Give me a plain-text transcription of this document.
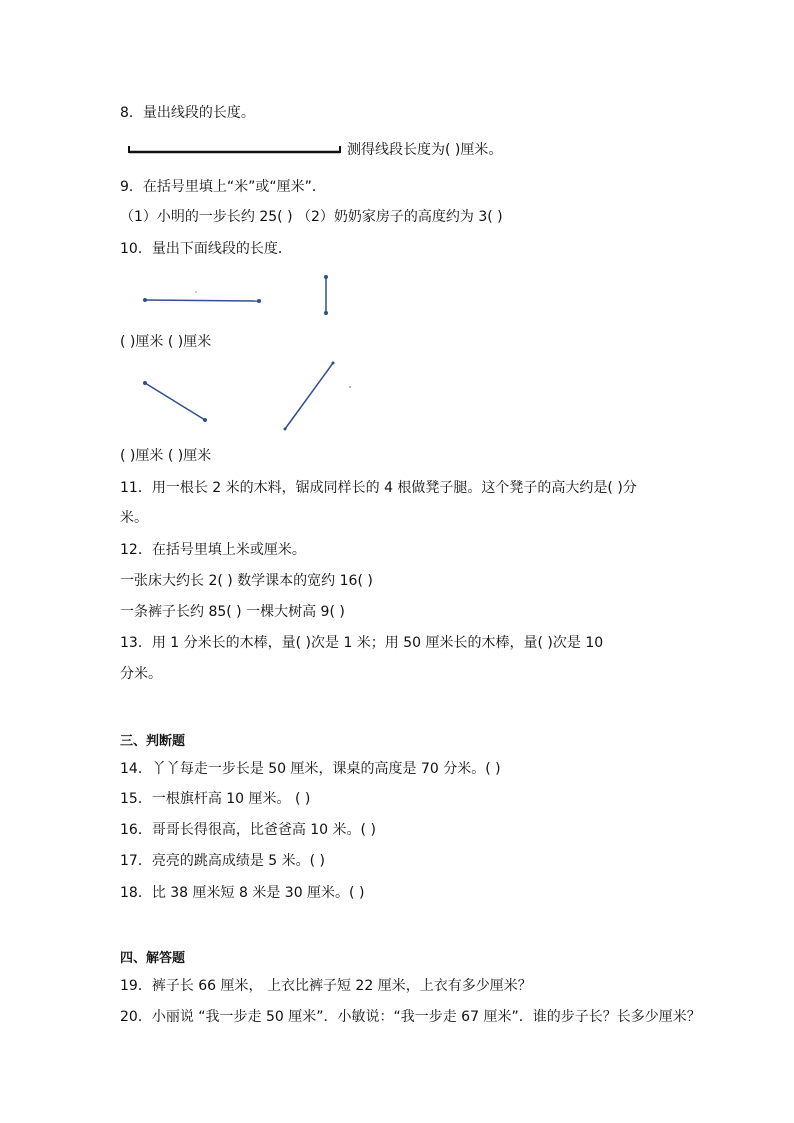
8．量出线段的长度。
测得线段长度为( )厘米。
9．在括号里填上“米”或“厘米”．
（1）小明的一步长约 25( ) （2）奶奶家房子的高度约为 3( )
10．量出下面线段的长度．
( )厘米 ( )厘米
( )厘米 ( )厘米
11．用一根长 2 米的木料，锯成同样长的 4 根做凳子腿。这个凳子的高大约是( )分
米。
12．在括号里填上米或厘米。
一张床大约长 2( ) 数学课本的宽约 16( )
一条裤子长约 85( ) 一棵大树高 9( )
13．用 1 分米长的木棒，量( )次是 1 米；用 50 厘米长的木棒，量( )次是 10
分米。
三、判断题
14．丫丫每走一步长是 50 厘米，课桌的高度是 70 分米。( )
15．一根旗杆高 10 厘米。 ( )
16．哥哥长得很高，比爸爸高 10 米。( )
17．亮亮的跳高成绩是 5 米。( )
18．比 38 厘米短 8 米是 30 厘米。( )
四、解答题
19．裤子长 66 厘米， 上衣比裤子短 22 厘米，上衣有多少厘米？
20．小丽说 “我一步走 50 厘米”．小敏说：“我一步走 67 厘米”．谁的步子长？长多少厘米？
